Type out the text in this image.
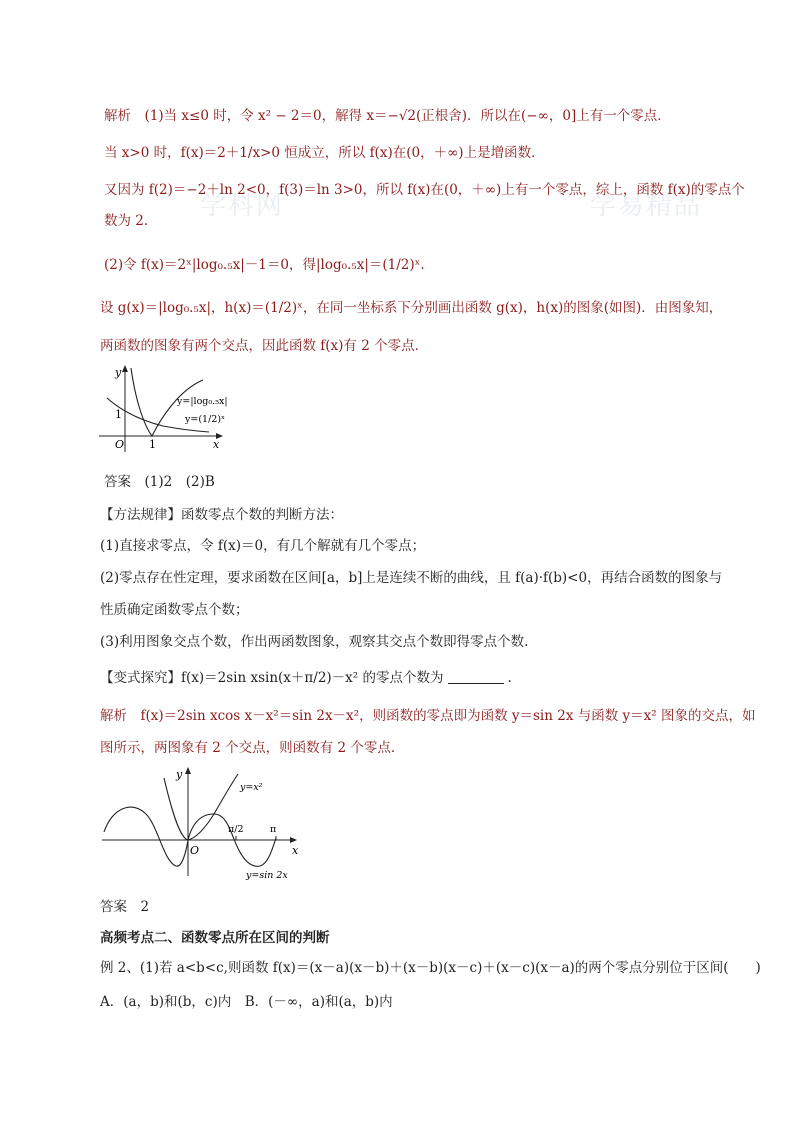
学科网	学易精品
解析　(1)当 x≤0 时，令 x² − 2＝0，解得 x＝−√2(正根舍)．所以在(−∞，0]上有一个零点．
当 x>0 时，f(x)＝2＋1/x>0 恒成立，所以 f(x)在(0，＋∞)上是增函数．
又因为 f(2)＝−2＋ln 2<0，f(3)＝ln 3>0，所以 f(x)在(0，＋∞)上有一个零点，综上，函数 f(x)的零点个
数为 2.
(2)令 f(x)＝2ˣ|log₀.₅x|－1＝0，得|log₀.₅x|＝(1/2)ˣ.
设 g(x)＝|log₀.₅x|，h(x)＝(1/2)ˣ，在同一坐标系下分别画出函数 g(x)，h(x)的图象(如图)．由图象知，
两函数的图象有两个交点，因此函数 f(x)有 2 个零点．
y
x
O 1
1
y=|log₀.₅x|
y=(1/2)ˣ
答案　(1)2　(2)B
【方法规律】函数零点个数的判断方法：
(1)直接求零点，令 f(x)＝0，有几个解就有几个零点；
(2)零点存在性定理，要求函数在区间[a，b]上是连续不断的曲线，且 f(a)·f(b)<0，再结合函数的图象与
性质确定函数零点个数；
(3)利用图象交点个数，作出两函数图象，观察其交点个数即得零点个数.
【变式探究】f(x)＝2sin xsin(x＋π/2)－x² 的零点个数为	.
解析　f(x)＝2sin xcos x－x²＝sin 2x－x²，则函数的零点即为函数 y＝sin 2x 与函数 y＝x² 图象的交点，如
图所示，两图象有 2 个交点，则函数有 2 个零点．
y
x
O
y=x²
y=sin 2x
π/2	π
答案　2
高频考点二、函数零点所在区间的判断
例 2、(1)若 a<b<c,则函数 f(x)＝(x－a)(x－b)＋(x－b)(x－c)＋(x－c)(x－a)的两个零点分别位于区间(　　)
A．(a，b)和(b，c)内　B．(－∞，a)和(a，b)内
